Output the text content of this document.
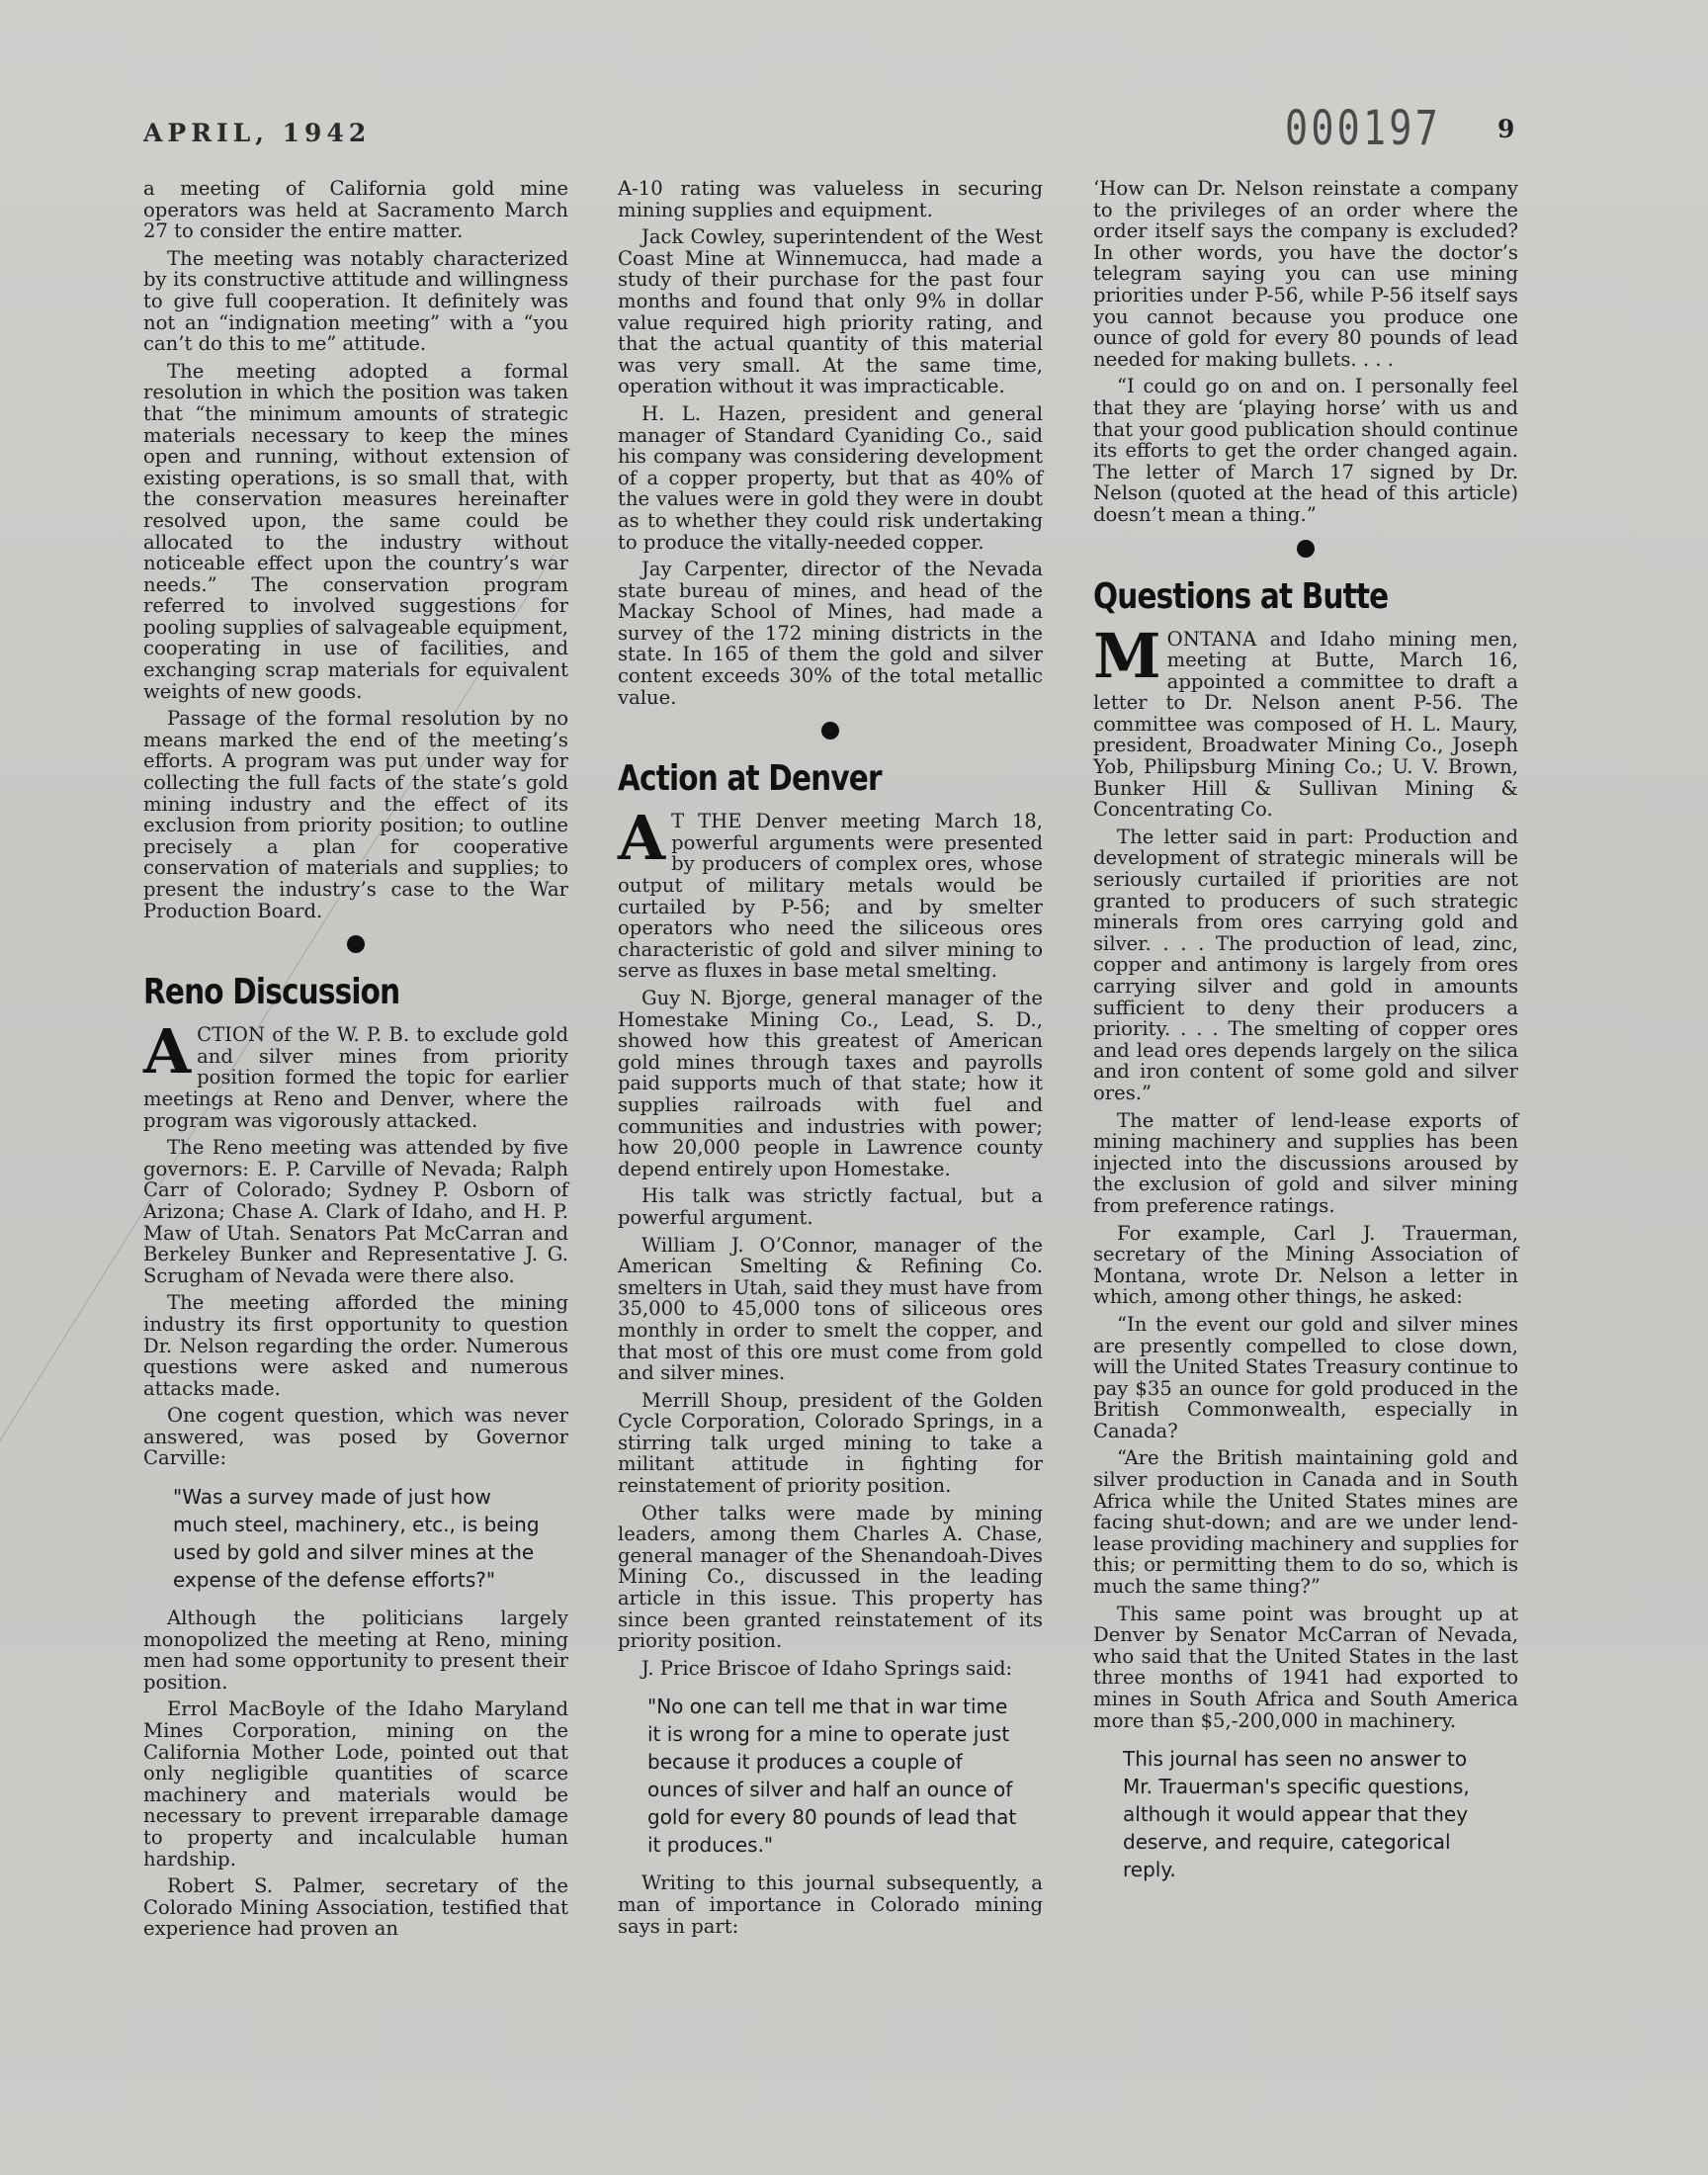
APRIL, 1942	000197 9

a meeting of California gold mine operators was held at Sacramento March 27 to consider the entire matter.

The meeting was notably characterized by its constructive attitude and willingness to give full cooperation. It definitely was not an “indignation meeting” with a “you can’t do this to me” attitude.

The meeting adopted a formal resolution in which the position was taken that “the minimum amounts of strategic materials necessary to keep the mines open and running, without extension of existing operations, is so small that, with the conservation measures hereinafter resolved upon, the same could be allocated to the industry without noticeable effect upon the country’s war needs.” The conservation program referred to involved suggestions for pooling supplies of salvageable equipment, cooperating in use of facilities, and exchanging scrap materials for equivalent weights of new goods.

Passage of the formal resolution by no means marked the end of the meeting’s efforts. A program was put under way for collecting the full facts of the state’s gold mining industry and the effect of its exclusion from priority position; to outline precisely a plan for cooperative conservation of materials and supplies; to present the industry’s case to the War Production Board.

Reno Discussion

ACTION of the W. P. B. to exclude gold and silver mines from priority position formed the topic for earlier meetings at Reno and Denver, where the program was vigorously attacked.

The Reno meeting was attended by five governors: E. P. Carville of Nevada; Ralph Carr of Colorado; Sydney P. Osborn of Arizona; Chase A. Clark of Idaho, and H. P. Maw of Utah. Senators Pat McCarran and Berkeley Bunker and Representative J. G. Scrugham of Nevada were there also.

The meeting afforded the mining industry its first opportunity to question Dr. Nelson regarding the order. Numerous questions were asked and numerous attacks made.

One cogent question, which was never answered, was posed by Governor Carville:

"Was a survey made of just how much steel, machinery, etc., is being used by gold and silver mines at the expense of the defense efforts?"

Although the politicians largely monopolized the meeting at Reno, mining men had some opportunity to present their position.

Errol MacBoyle of the Idaho Maryland Mines Corporation, mining on the California Mother Lode, pointed out that only negligible quantities of scarce machinery and materials would be necessary to prevent irreparable damage to property and incalculable human hardship.

Robert S. Palmer, secretary of the Colorado Mining Association, testified that experience had proven an

A-10 rating was valueless in securing mining supplies and equipment.

Jack Cowley, superintendent of the West Coast Mine at Winnemucca, had made a study of their purchase for the past four months and found that only 9% in dollar value required high priority rating, and that the actual quantity of this material was very small. At the same time, operation without it was impracticable.

H. L. Hazen, president and general manager of Standard Cyaniding Co., said his company was considering development of a copper property, but that as 40% of the values were in gold they were in doubt as to whether they could risk undertaking to produce the vitally-needed copper.

Jay Carpenter, director of the Nevada state bureau of mines, and head of the Mackay School of Mines, had made a survey of the 172 mining districts in the state. In 165 of them the gold and silver content exceeds 30% of the total metallic value.

Action at Denver

A T THE Denver meeting March 18, powerful arguments were presented by producers of complex ores, whose output of military metals would be curtailed by P-56; and by smelter operators who need the siliceous ores characteristic of gold and silver mining to serve as fluxes in base metal smelting.

Guy N. Bjorge, general manager of the Homestake Mining Co., Lead, S. D., showed how this greatest of American gold mines through taxes and payrolls paid supports much of that state; how it supplies railroads with fuel and communities and industries with power; how 20,000 people in Lawrence county depend entirely upon Homestake.

His talk was strictly factual, but a powerful argument.

William J. O’Connor, manager of the American Smelting & Refining Co. smelters in Utah, said they must have from 35,000 to 45,000 tons of siliceous ores monthly in order to smelt the copper, and that most of this ore must come from gold and silver mines.

Merrill Shoup, president of the Golden Cycle Corporation, Colorado Springs, in a stirring talk urged mining to take a militant attitude in fighting for reinstatement of priority position.

Other talks were made by mining leaders, among them Charles A. Chase, general manager of the Shenandoah-Dives Mining Co., discussed in the leading article in this issue. This property has since been granted reinstatement of its priority position.

J. Price Briscoe of Idaho Springs said:

"No one can tell me that in war time it is wrong for a mine to operate just because it produces a couple of ounces of silver and half an ounce of gold for every 80 pounds of lead that it produces."

Writing to this journal subsequently, a man of importance in Colorado mining says in part:

‘How can Dr. Nelson reinstate a company to the privileges of an order where the order itself says the company is excluded? In other words, you have the doctor’s telegram saying you can use mining priorities under P-56, while P-56 itself says you cannot because you produce one ounce of gold for every 80 pounds of lead needed for making bullets. . . .

“I could go on and on. I personally feel that they are ‘playing horse’ with us and that your good publication should continue its efforts to get the order changed again. The letter of March 17 signed by Dr. Nelson (quoted at the head of this article) doesn’t mean a thing.”

Questions at Butte

MONTANA and Idaho mining men, meeting at Butte, March 16, appointed a committee to draft a letter to Dr. Nelson anent P-56. The committee was composed of H. L. Maury, president, Broadwater Mining Co., Joseph Yob, Philipsburg Mining Co.; U. V. Brown, Bunker Hill & Sullivan Mining & Concentrating Co.

The letter said in part: Production and development of strategic minerals will be seriously curtailed if priorities are not granted to producers of such strategic minerals from ores carrying gold and silver. . . . The production of lead, zinc, copper and antimony is largely from ores carrying silver and gold in amounts sufficient to deny their producers a priority. . . . The smelting of copper ores and lead ores depends largely on the silica and iron content of some gold and silver ores.”

The matter of lend-lease exports of mining machinery and supplies has been injected into the discussions aroused by the exclusion of gold and silver mining from preference ratings.

For example, Carl J. Trauerman, secretary of the Mining Association of Montana, wrote Dr. Nelson a letter in which, among other things, he asked:

“In the event our gold and silver mines are presently compelled to close down, will the United States Treasury continue to pay $35 an ounce for gold produced in the British Commonwealth, especially in Canada?

“Are the British maintaining gold and silver production in Canada and in South Africa while the United States mines are facing shut-down; and are we under lend-lease providing machinery and supplies for this; or permitting them to do so, which is much the same thing?”

This same point was brought up at Denver by Senator McCarran of Nevada, who said that the United States in the last three months of 1941 had exported to mines in South Africa and South America more than $5,-200,000 in machinery.

This journal has seen no answer to Mr. Trauerman's specific questions, although it would appear that they deserve, and require, categorical reply.
